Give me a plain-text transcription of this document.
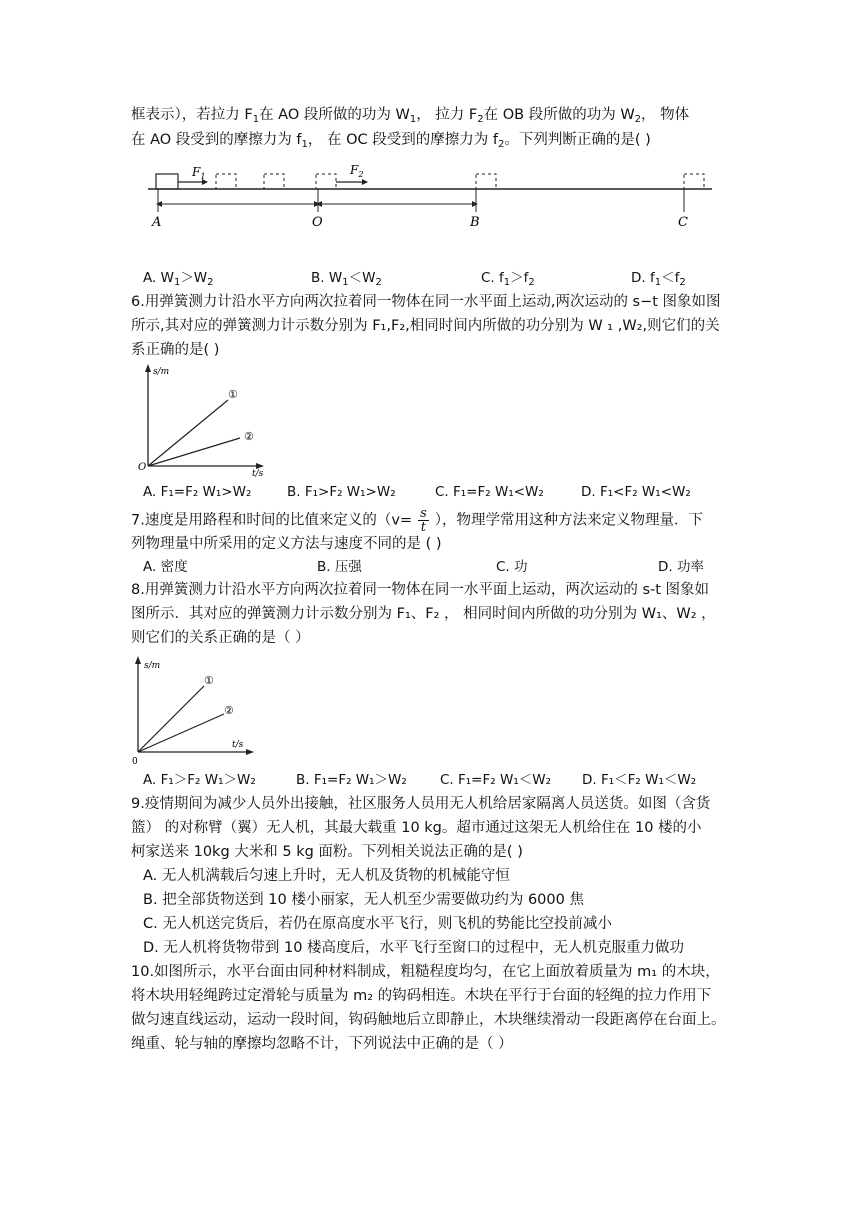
框表示），若拉力 $F_1$在 AO 段所做的功为 $W_1$， 拉力 $F_2$在 OB 段所做的功为 $W_2$， 物体
在 AO 段受到的摩擦力为 $f_1$， 在 OC 段受到的摩擦力为 $f_2$。下列判断正确的是( )
$F_1$	$F_2$
A	O	B	C
A. $W_1>W_2$	B. $W_1<W_2$	C. $f_1>f_2$	D. $f_1<f_2$
6.用弹簧测力计沿水平方向两次拉着同一物体在同一水平面上运动,两次运动的 s−t 图象如图
所示,其对应的弹簧测力计示数分别为 F₁,F₂,相同时间内所做的功分别为 W ₁ ,W₂,则它们的关
系正确的是( )
s/m
t/s
O
①
②
A. F₁=F₂ W₁>W₂	B. F₁>F₂ W₁>W₂	C. F₁=F₂ W₁<W₂	D. F₁<F₂ W₁<W₂
7.速度是用路程和时间的比值来定义的（$v= \frac{s}{t}$ ），物理学常用这种方法来定义物理量．下
列物理量中所采用的定义方法与速度不同的是 ( )
A. 密度	B. 压强	C. 功	D. 功率
8.用弹簧测力计沿水平方向两次拉着同一物体在同一水平面上运动，两次运动的 s-t 图象如
图所示．其对应的弹簧测力计示数分别为 F₁、F₂ ， 相同时间内所做的功分别为 W₁、W₂ ，
则它们的关系正确的是（ ）
s/m
t/s
0
①
②
A. F₁＞F₂ W₁＞W₂	B. F₁=F₂ W₁＞W₂ C. F₁=F₂ W₁＜W₂ D. F₁＜F₂ W₁＜W₂
9.疫情期间为减少人员外出接触，社区服务人员用无人机给居家隔离人员送货。如图（含货
篮） 的对称臂（翼）无人机，其最大载重 10 kg。超市通过这架无人机给住在 10 楼的小
柯家送来 10kg 大米和 5 kg 面粉。下列相关说法正确的是( )
A. 无人机满载后匀速上升时，无人机及货物的机械能守恒
B. 把全部货物送到 10 楼小丽家，无人机至少需要做功约为 6000 焦
C. 无人机送完货后，若仍在原高度水平飞行，则飞机的势能比空投前减小
D. 无人机将货物带到 10 楼高度后，水平飞行至窗口的过程中，无人机克服重力做功
10.如图所示，水平台面由同种材料制成，粗糙程度均匀，在它上面放着质量为 m₁ 的木块，
将木块用轻绳跨过定滑轮与质量为 m₂ 的钩码相连。木块在平行于台面的轻绳的拉力作用下
做匀速直线运动，运动一段时间，钩码触地后立即静止，木块继续滑动一段距离停在台面上。
绳重、轮与轴的摩擦均忽略不计，下列说法中正确的是（ ）
